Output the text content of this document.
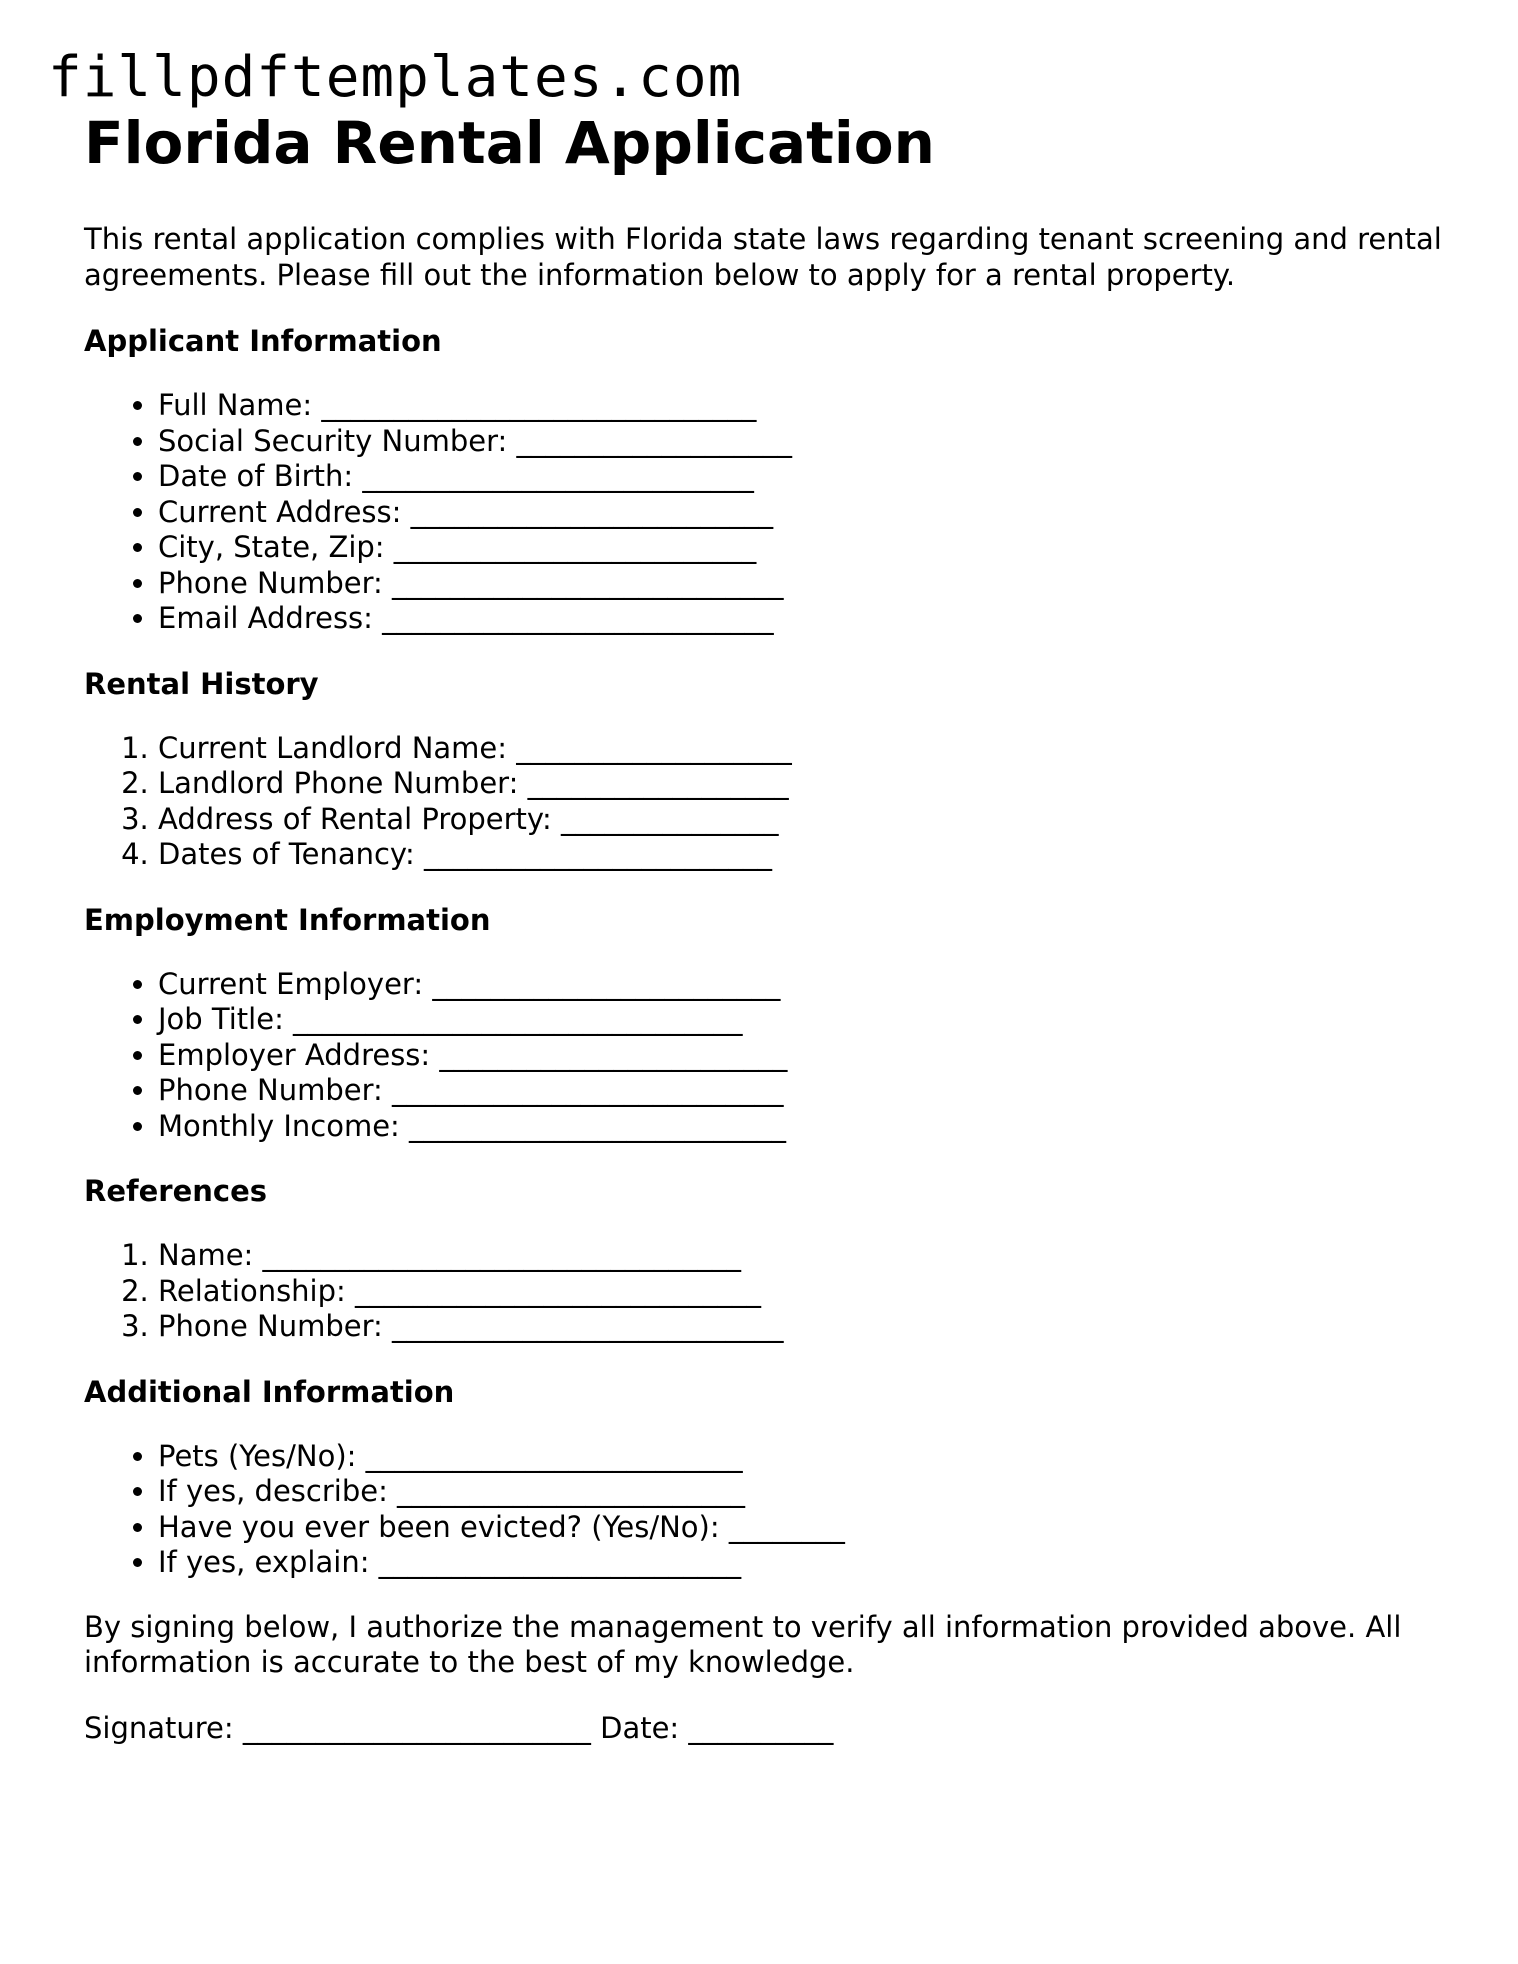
fillpdftemplates.com
Florida Rental Application

This rental application complies with Florida state laws regarding tenant screening and rental agreements. Please fill out the information below to apply for a rental property.

Applicant Information
• Full Name: ______________________________
• Social Security Number: ___________________
• Date of Birth: ___________________________
• Current Address: _________________________
• City, State, Zip: _________________________
• Phone Number: ___________________________
• Email Address: ___________________________
Rental History
1. Current Landlord Name: ___________________
2. Landlord Phone Number: __________________
3. Address of Rental Property: _______________
4. Dates of Tenancy: ________________________
Employment Information
• Current Employer: ________________________
• Job Title: _______________________________
• Employer Address: ________________________
• Phone Number: ___________________________
• Monthly Income: __________________________
References
1. Name: _________________________________
2. Relationship: ____________________________
3. Phone Number: ___________________________
Additional Information
• Pets (Yes/No): __________________________
• If yes, describe: ________________________
• Have you ever been evicted? (Yes/No): ________
• If yes, explain: _________________________

By signing below, I authorize the management to verify all information provided above. All information is accurate to the best of my knowledge.

Signature: ________________________ Date: __________
